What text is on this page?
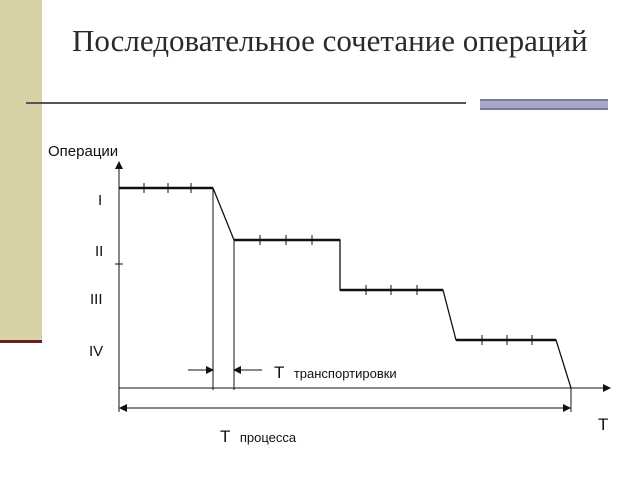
Последовательное сочетание операций
Операции
T
I
II
III
IV
T транспортировки
T процесса
